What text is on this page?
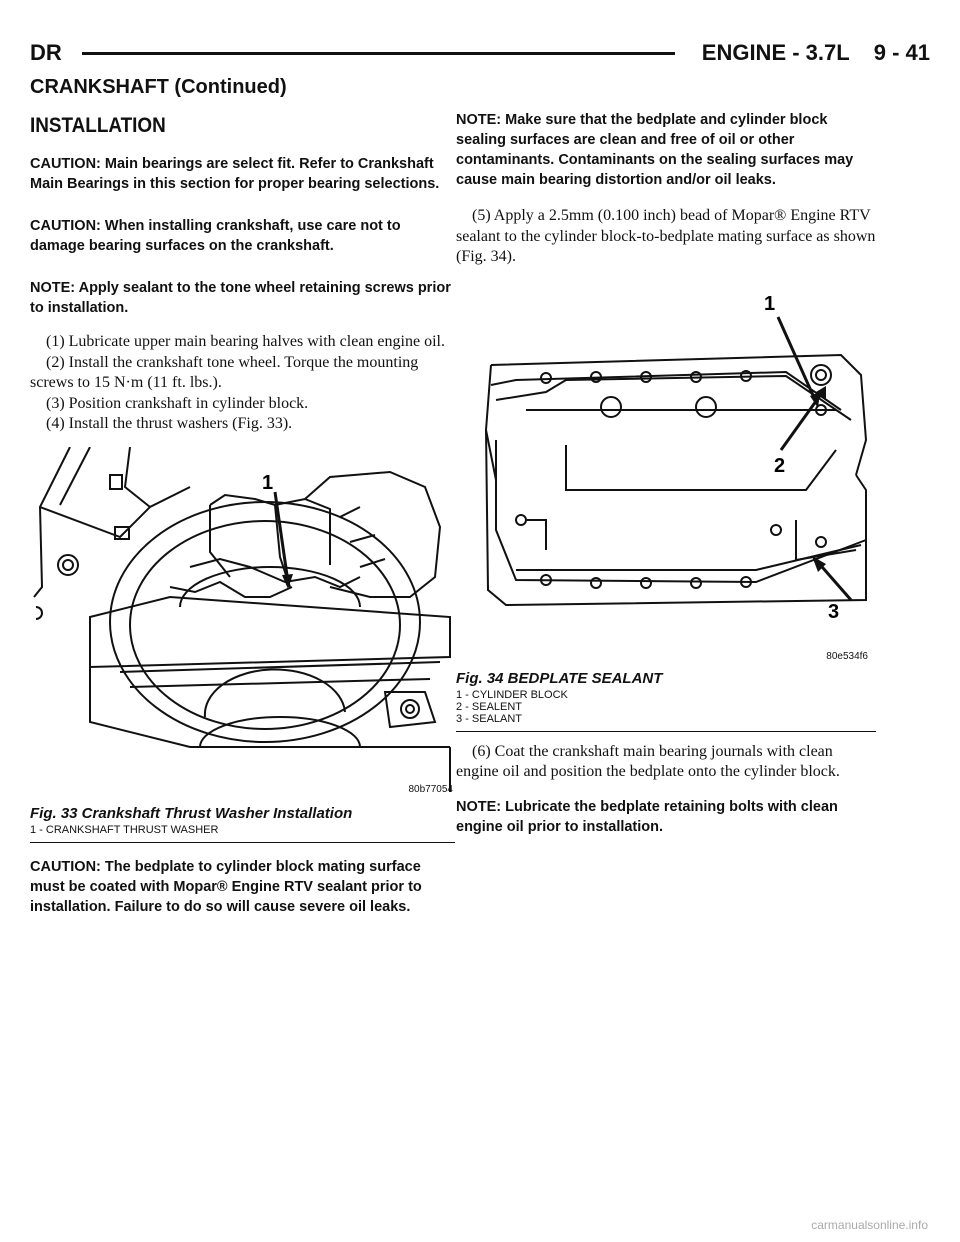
DR	ENGINE - 3.7L    9 - 41
CRANKSHAFT (Continued)
INSTALLATION

CAUTION: Main bearings are select fit. Refer to Crankshaft Main Bearings in this section for proper bearing selections.

CAUTION: When installing crankshaft, use care not to damage bearing surfaces on the crankshaft.

NOTE: Apply sealant to the tone wheel retaining screws prior to installation.

(1) Lubricate upper main bearing halves with clean engine oil.

(2) Install the crankshaft tone wheel. Torque the mounting screws to 15 N·m (11 ft. lbs.).

(3) Position crankshaft in cylinder block.

(4) Install the thrust washers (Fig. 33).

1
80b77054
Fig. 33 Crankshaft Thrust Washer Installation
1 - CRANKSHAFT THRUST WASHER

CAUTION: The bedplate to cylinder block mating surface must be coated with Mopar® Engine RTV sealant prior to installation. Failure to do so will cause severe oil leaks.

NOTE: Make sure that the bedplate and cylinder block sealing surfaces are clean and free of oil or other contaminants. Contaminants on the sealing surfaces may cause main bearing distortion and/or oil leaks.

(5) Apply a 2.5mm (0.100 inch) bead of Mopar® Engine RTV sealant to the cylinder block-to-bedplate mating surface as shown (Fig. 34).

1
2
3
80e534f6
Fig. 34 BEDPLATE SEALANT
1 - CYLINDER BLOCK
2 - SEALENT
3 - SEALANT

(6) Coat the crankshaft main bearing journals with clean engine oil and position the bedplate onto the cylinder block.

NOTE: Lubricate the bedplate retaining bolts with clean engine oil prior to installation.

carmanualsonline.info
